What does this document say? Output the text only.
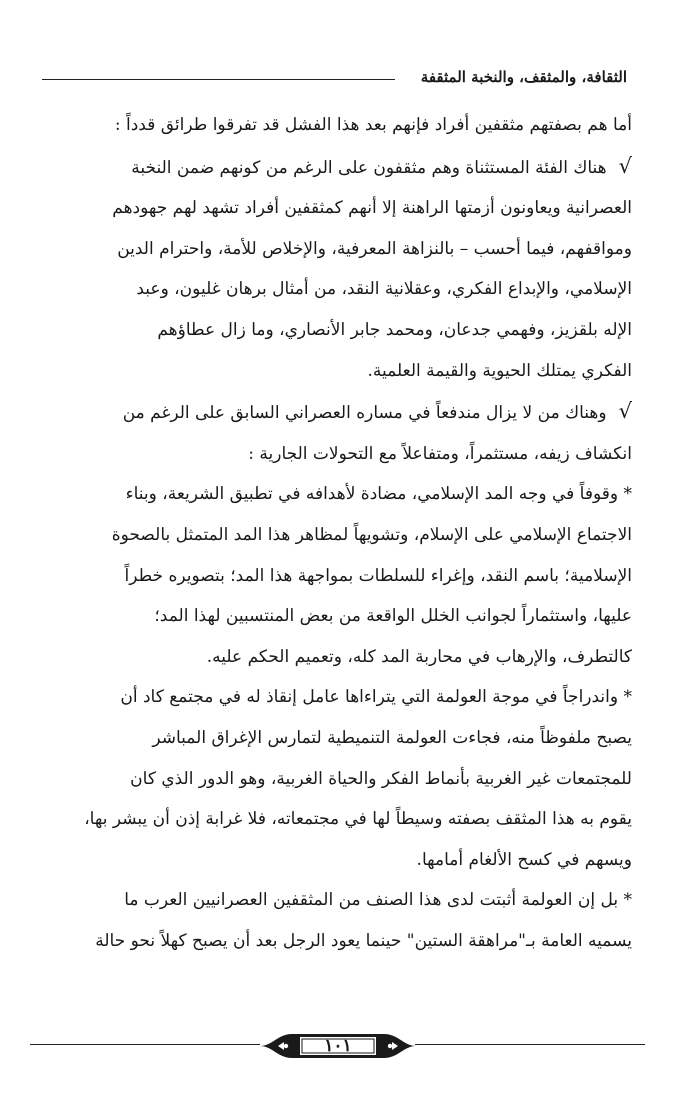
الثقافة، والمثقف، والنخبة المثقفة
أما هم بصفتهم مثقفين أفراد فإنهم بعد هذا الفشل قد تفرقوا طرائق قدداً :
√هناك الفئة المستثناة وهم مثقفون على الرغم من كونهم ضمن النخبة
العصرانية ويعاونون أزمتها الراهنة إلا أنهم كمثقفين أفراد تشهد لهم جهودهم
ومواقفهم، فيما أحسب – بالنزاهة المعرفية، والإخلاص للأمة، واحترام الدين
الإسلامي، والإبداع الفكري، وعقلانية النقد، من أمثال برهان غليون، وعبد
الإله بلقزيز، وفهمي جدعان، ومحمد جابر الأنصاري، وما زال عطاؤهم
الفكري يمتلك الحيوية والقيمة العلمية.
√وهناك من لا يزال مندفعاً في مساره العصراني السابق على الرغم من
انكشاف زيفه، مستثمراً، ومتفاعلاً مع التحولات الجارية :
* وقوفاً في وجه المد الإسلامي، مضادة لأهدافه في تطبيق الشريعة، وبناء
الاجتماع الإسلامي على الإسلام، وتشويهاً لمظاهر هذا المد المتمثل بالصحوة
الإسلامية؛ باسم النقد، وإغراء للسلطات بمواجهة هذا المد؛ بتصويره خطراً
عليها، واستثماراً لجوانب الخلل الواقعة من بعض المنتسبين لهذا المد؛
كالتطرف، والإرهاب في محاربة المد كله، وتعميم الحكم عليه.
* واندراجاً في موجة العولمة التي يتراءاها عامل إنقاذ له في مجتمع كاد أن
يصبح ملفوظاً منه، فجاءت العولمة التنميطية لتمارس الإغراق المباشر
للمجتمعات غير الغربية بأنماط الفكر والحياة الغربية، وهو الدور الذي كان
يقوم به هذا المثقف بصفته وسيطاً لها في مجتمعاته، فلا غرابة إذن أن يبشر بها،
ويسهم في كسح الألغام أمامها.
* بل إن العولمة أثبتت لدى هذا الصنف من المثقفين العصرانيين العرب ما
يسميه العامة بـ"مراهقة الستين" حينما يعود الرجل بعد أن يصبح كهلاً نحو حالة
١٠١
